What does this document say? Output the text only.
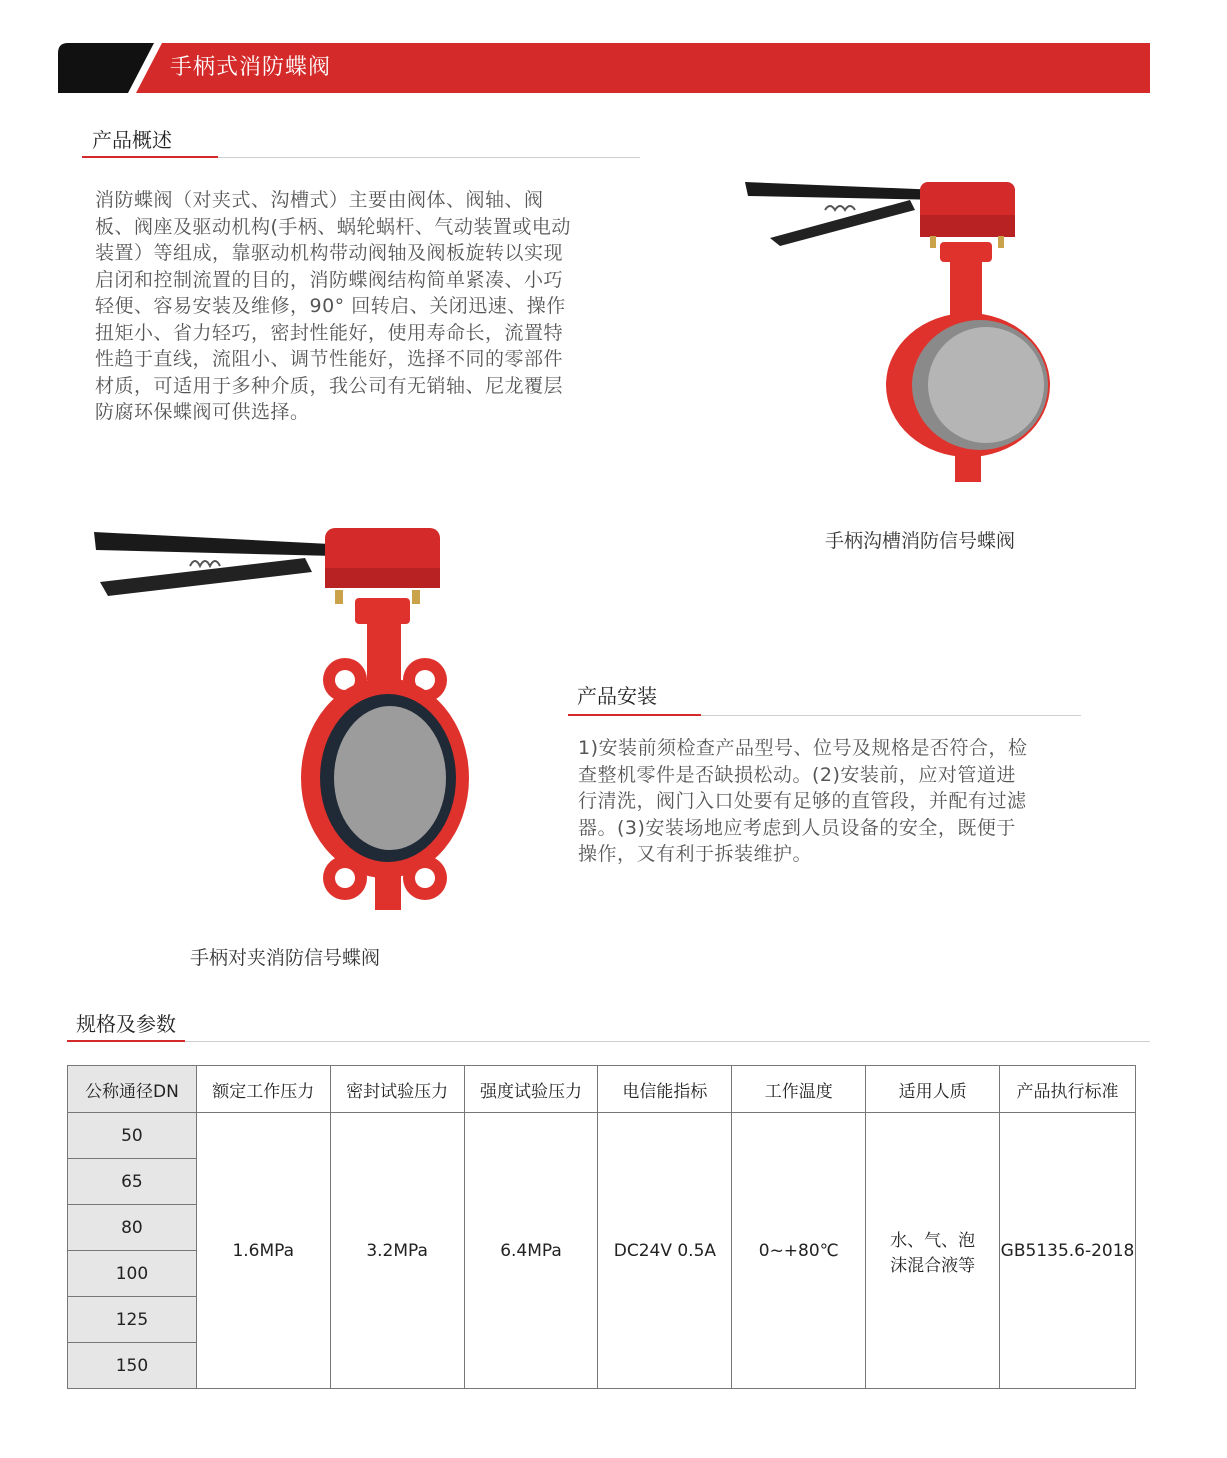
手柄式消防蝶阀
产品概述
消防蝶阀（对夹式、沟槽式）主要由阀体、阀轴、阀
板、阀座及驱动机构(手柄、蜗轮蜗杆、气动装置或电动
装置）等组成，靠驱动机构带动阀轴及阀板旋转以实现
启闭和控制流置的目的，消防蝶阀结构简单紧凑、小巧
轻便、容易安装及维修，90° 回转启、关闭迅速、操作
扭矩小、省力轻巧，密封性能好，使用寿命长，流置特
性趋于直线，流阻小、调节性能好，选择不同的零部件
材质，可适用于多种介质，我公司有无销轴、尼龙覆层
防腐环保蝶阀可供选择。
手柄沟槽消防信号蝶阀
手柄对夹消防信号蝶阀
产品安装
1)安装前须检查产品型号、位号及规格是否符合，检
查整机零件是否缺损松动。(2)安装前，应对管道进
行清洗，阀门入口处要有足够的直管段，并配有过滤
器。(3)安装场地应考虑到人员设备的安全，既便于
操作，又有利于拆装维护。
规格及参数
公称通径DN	额定工作压力	密封试验压力	强度试验压力	电信能指标	工作温度	适用人质	产品执行标准
50	1.6MPa	3.2MPa	6.4MPa	DC24V 0.5A	0~+80℃	水、气、泡
沫混合液等	GB5135.6-2018
65							
80							
100							
125							
150							
